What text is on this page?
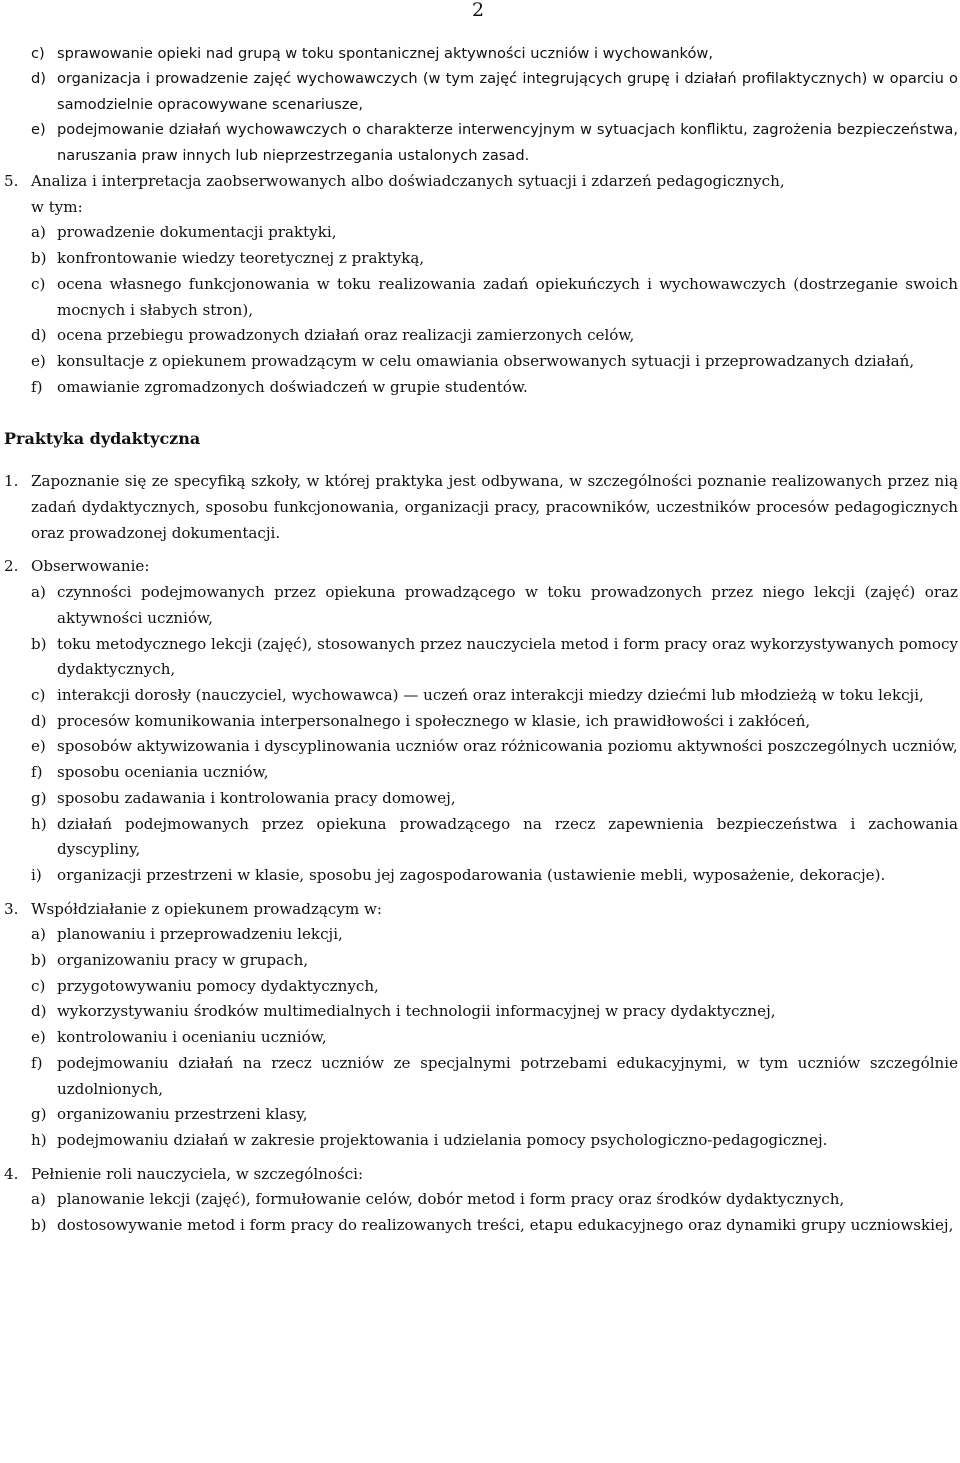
2
c) sprawowanie opieki nad grupą w toku spontanicznej aktywności uczniów i wychowanków,
d) organizacja i prowadzenie zajęć wychowawczych (w tym zajęć integrujących grupę i działań profilaktycznych) w oparciu o samodzielnie opracowywane scenariusze,
e) podejmowanie działań wychowawczych o charakterze interwencyjnym w sytuacjach konfliktu, zagrożenia bezpieczeństwa, naruszania praw innych lub nieprzestrzegania ustalonych zasad.
5. Analiza i interpretacja zaobserwowanych albo doświadczanych sytuacji i zdarzeń pedagogicznych,
w tym:
a) prowadzenie dokumentacji praktyki,
b) konfrontowanie wiedzy teoretycznej z praktyką,
c) ocena własnego funkcjonowania w toku realizowania zadań opiekuńczych i wychowawczych (dostrzeganie swoich mocnych i słabych stron),
d) ocena przebiegu prowadzonych działań oraz realizacji zamierzonych celów,
e) konsultacje z opiekunem prowadzącym w celu omawiania obserwowanych sytuacji i przeprowadzanych działań,
f) omawianie zgromadzonych doświadczeń w grupie studentów.
Praktyka dydaktyczna
1. Zapoznanie się ze specyfiką szkoły, w której praktyka jest odbywana, w szczególności poznanie realizowanych przez nią zadań dydaktycznych, sposobu funkcjonowania, organizacji pracy, pracowników, uczestników procesów pedagogicznych oraz prowadzonej dokumentacji.
2. Obserwowanie:
a) czynności podejmowanych przez opiekuna prowadzącego w toku prowadzonych przez niego lekcji (zajęć) oraz aktywności uczniów,
b) toku metodycznego lekcji (zajęć), stosowanych przez nauczyciela metod i form pracy oraz wykorzystywanych pomocy dydaktycznych,
c) interakcji dorosły (nauczyciel, wychowawca) — uczeń oraz interakcji miedzy dziećmi lub młodzieżą w toku lekcji,
d) procesów komunikowania interpersonalnego i społecznego w klasie, ich prawidłowości i zakłóceń,
e) sposobów aktywizowania i dyscyplinowania uczniów oraz różnicowania poziomu aktywności poszczególnych uczniów,
f) sposobu oceniania uczniów,
g) sposobu zadawania i kontrolowania pracy domowej,
h) działań podejmowanych przez opiekuna prowadzącego na rzecz zapewnienia bezpieczeństwa i zachowania dyscypliny,
i)	organizacji przestrzeni w klasie, sposobu jej zagospodarowania (ustawienie mebli, wyposażenie, dekoracje).
3. Współdziałanie z opiekunem prowadzącym w:
a) planowaniu i przeprowadzeniu lekcji,
b) organizowaniu pracy w grupach,
c) przygotowywaniu pomocy dydaktycznych,
d) wykorzystywaniu środków multimedialnych i technologii informacyjnej w pracy dydaktycznej,
e) kontrolowaniu i ocenianiu uczniów,
f) podejmowaniu działań na rzecz uczniów ze specjalnymi potrzebami edukacyjnymi, w tym uczniów szczególnie uzdolnionych,
g) organizowaniu przestrzeni klasy,
h) podejmowaniu działań w zakresie projektowania i udzielania pomocy psychologiczno-pedagogicznej.
4. Pełnienie roli nauczyciela, w szczególności:
a) planowanie lekcji (zajęć), formułowanie celów, dobór metod i form pracy oraz środków dydaktycznych,
b) dostosowywanie metod i form pracy do realizowanych treści, etapu edukacyjnego oraz dynamiki grupy uczniowskiej,
